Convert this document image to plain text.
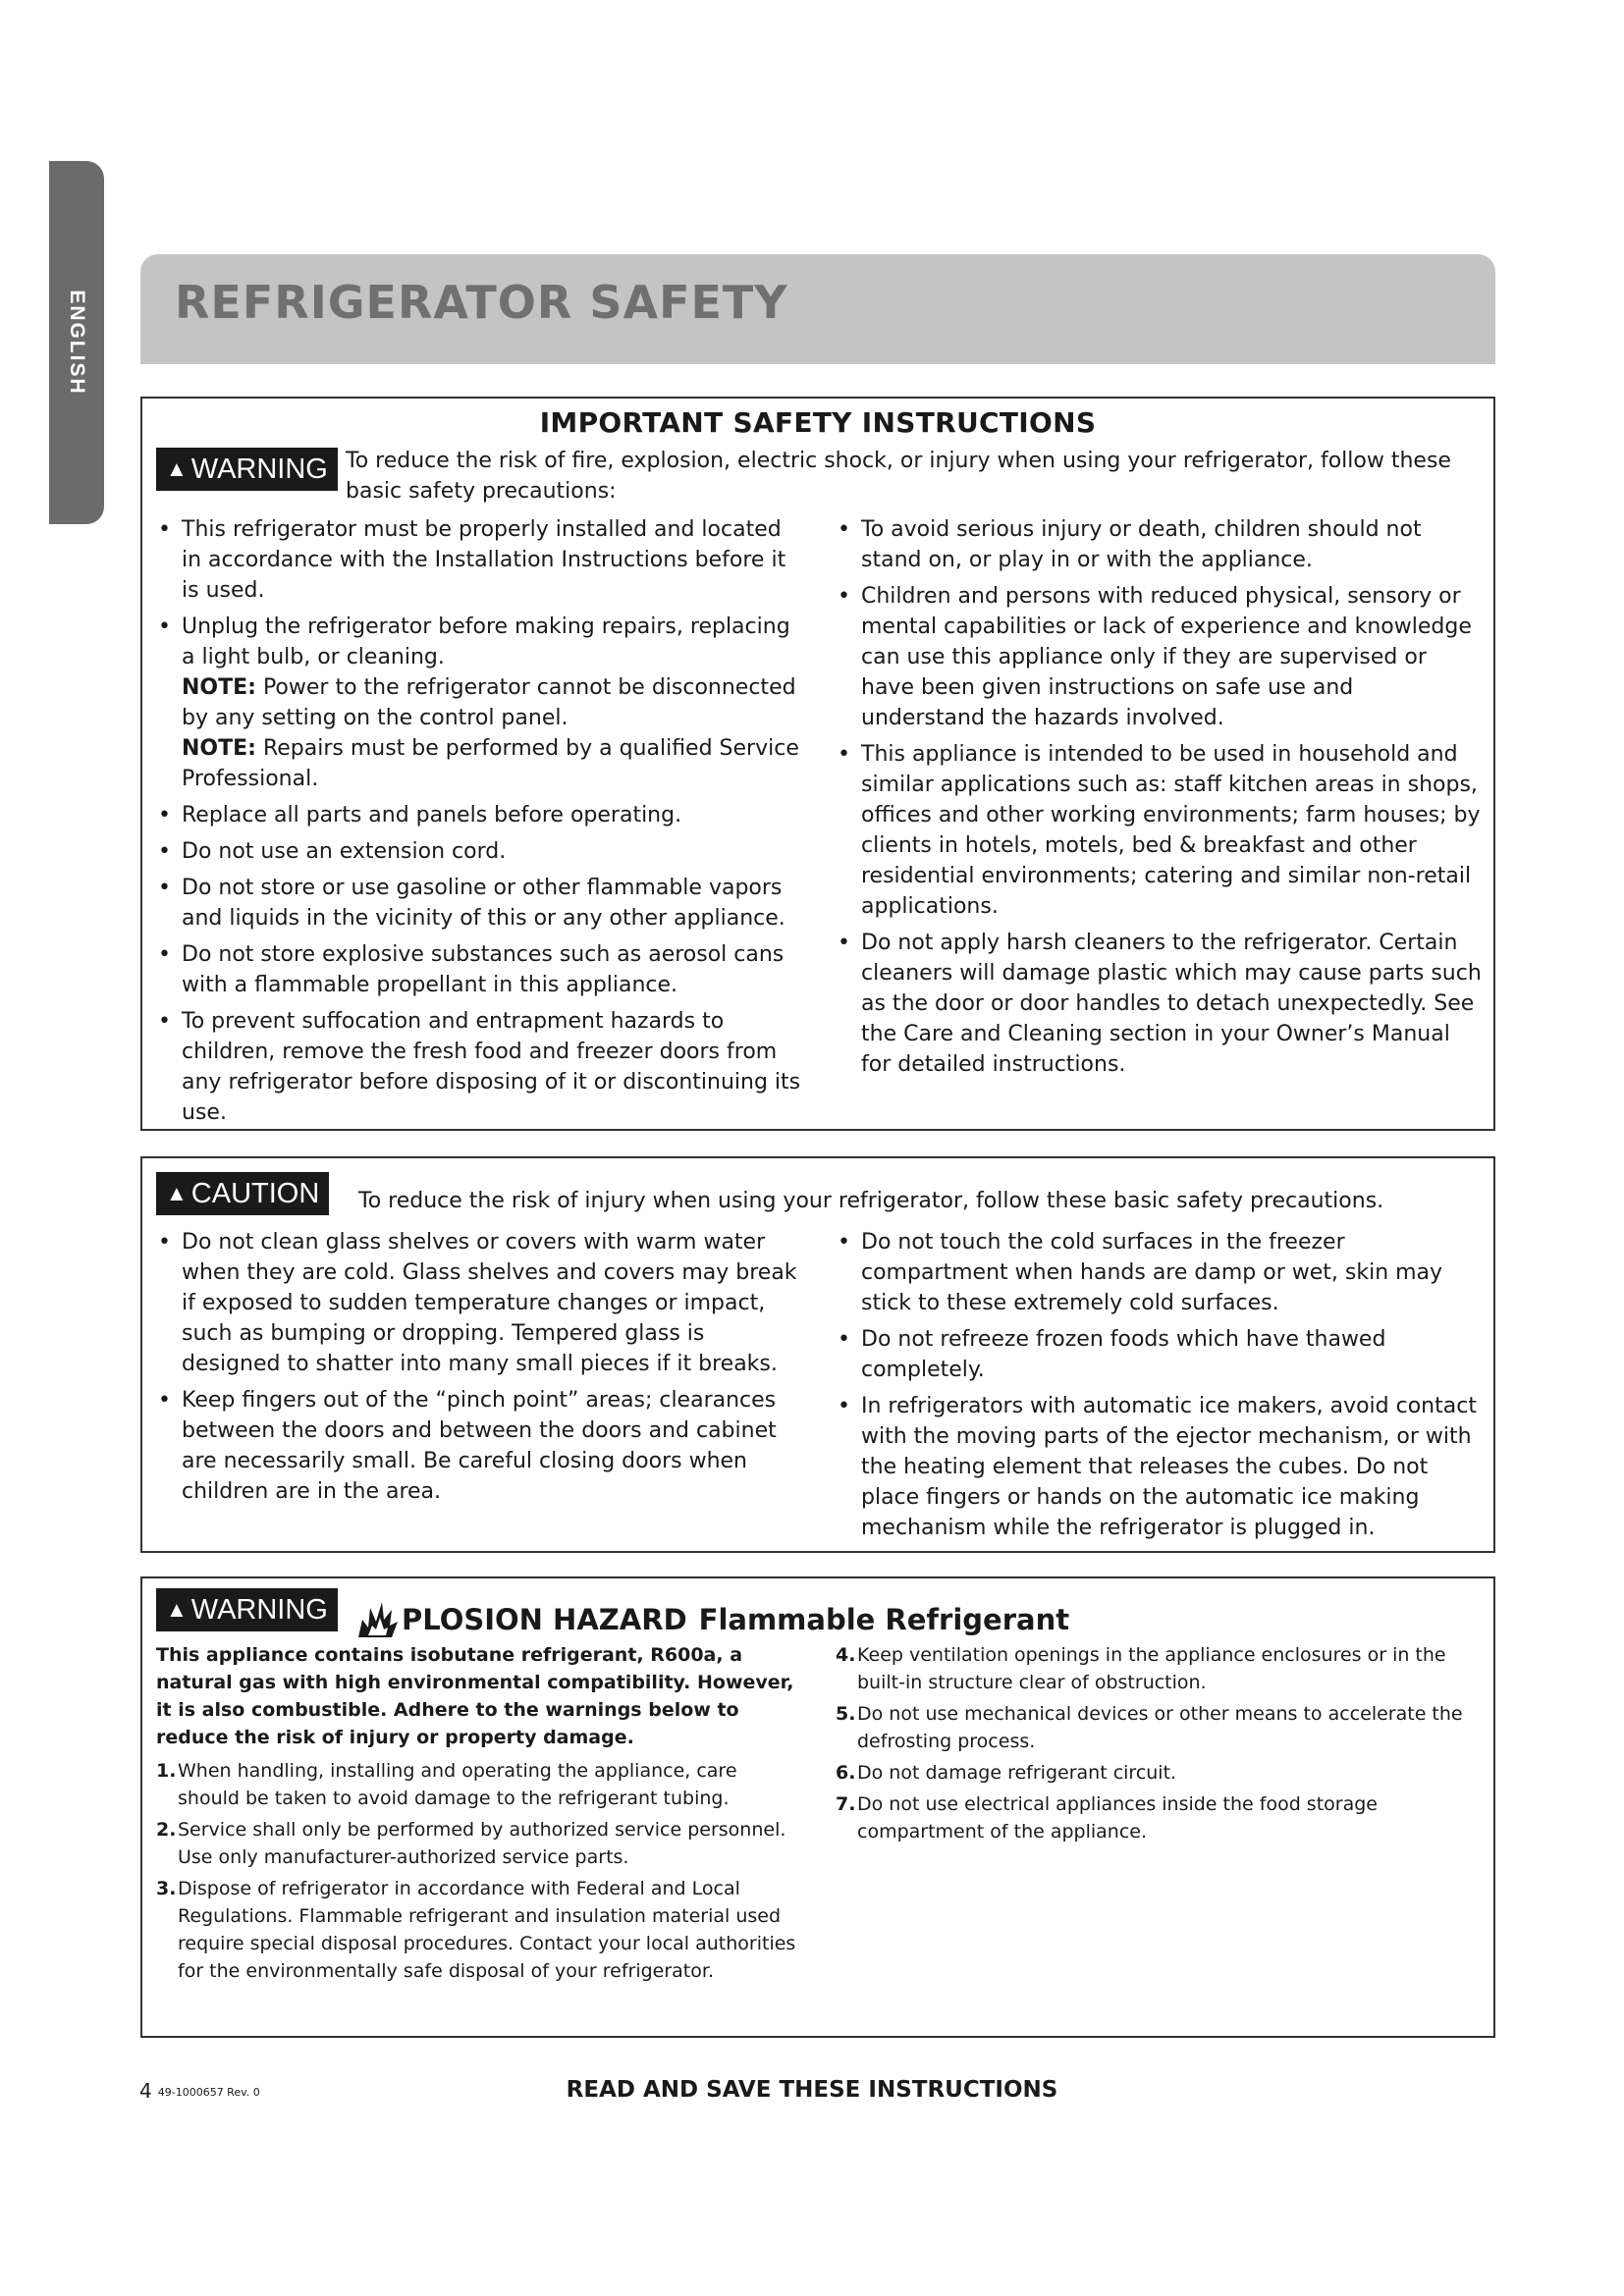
ENGLISH REFRIGERATOR SAFETY
IMPORTANT SAFETY INSTRUCTIONS
▲ WARNING To reduce the risk of fire, explosion, electric shock, or injury when using your refrigerator, follow these basic safety precautions:
• This refrigerator must be properly installed and located in accordance with the Installation Instructions before it is used.
• Unplug the refrigerator before making repairs, replacing a light bulb, or cleaning.
NOTE: Power to the refrigerator cannot be disconnected by any setting on the control panel.
NOTE: Repairs must be performed by a qualified Service Professional.
• Replace all parts and panels before operating.
• Do not use an extension cord.
• Do not store or use gasoline or other flammable vapors and liquids in the vicinity of this or any other appliance.
• Do not store explosive substances such as aerosol cans with a flammable propellant in this appliance.
• To prevent suffocation and entrapment hazards to children, remove the fresh food and freezer doors from any refrigerator before disposing of it or discontinuing its use.
• To avoid serious injury or death, children should not stand on, or play in or with the appliance.
• Children and persons with reduced physical, sensory or mental capabilities or lack of experience and knowledge can use this appliance only if they are supervised or have been given instructions on safe use and understand the hazards involved.
• This appliance is intended to be used in household and similar applications such as: staff kitchen areas in shops, offices and other working environments; farm houses; by clients in hotels, motels, bed & breakfast and other residential environments; catering and similar non-retail applications.
• Do not apply harsh cleaners to the refrigerator. Certain cleaners will damage plastic which may cause parts such as the door or door handles to detach unexpectedly. See the Care and Cleaning section in your Owner’s Manual for detailed instructions.
▲ CAUTION	To reduce the risk of injury when using your refrigerator, follow these basic safety precautions.
• Do not clean glass shelves or covers with warm water when they are cold. Glass shelves and covers may break if exposed to sudden temperature changes or impact, such as bumping or dropping. Tempered glass is designed to shatter into many small pieces if it breaks.
• Keep fingers out of the “pinch point” areas; clearances between the doors and between the doors and cabinet are necessarily small. Be careful closing doors when children are in the area.
• Do not touch the cold surfaces in the freezer compartment when hands are damp or wet, skin may stick to these extremely cold surfaces.
• Do not refreeze frozen foods which have thawed completely.
• In refrigerators with automatic ice makers, avoid contact with the moving parts of the ejector mechanism, or with the heating element that releases the cubes. Do not place fingers or hands on the automatic ice making mechanism while the refrigerator is plugged in.
▲ WARNING	PLOSION HAZARD Flammable Refrigerant
This appliance contains isobutane refrigerant, R600a, a natural gas with high environmental compatibility. However, it is also combustible. Adhere to the warnings below to reduce the risk of injury or property damage.
1. When handling, installing and operating the appliance, care should be taken to avoid damage to the refrigerant tubing.
2. Service shall only be performed by authorized service personnel. Use only manufacturer-authorized service parts.
3. Dispose of refrigerator in accordance with Federal and Local Regulations. Flammable refrigerant and insulation material used require special disposal procedures. Contact your local authorities for the environmentally safe disposal of your refrigerator.
4. Keep ventilation openings in the appliance enclosures or in the built-in structure clear of obstruction.
5. Do not use mechanical devices or other means to accelerate the defrosting process.
6. Do not damage refrigerant circuit.
7. Do not use electrical appliances inside the food storage compartment of the appliance.
4 49-1000657 Rev. 0	READ AND SAVE THESE INSTRUCTIONS
